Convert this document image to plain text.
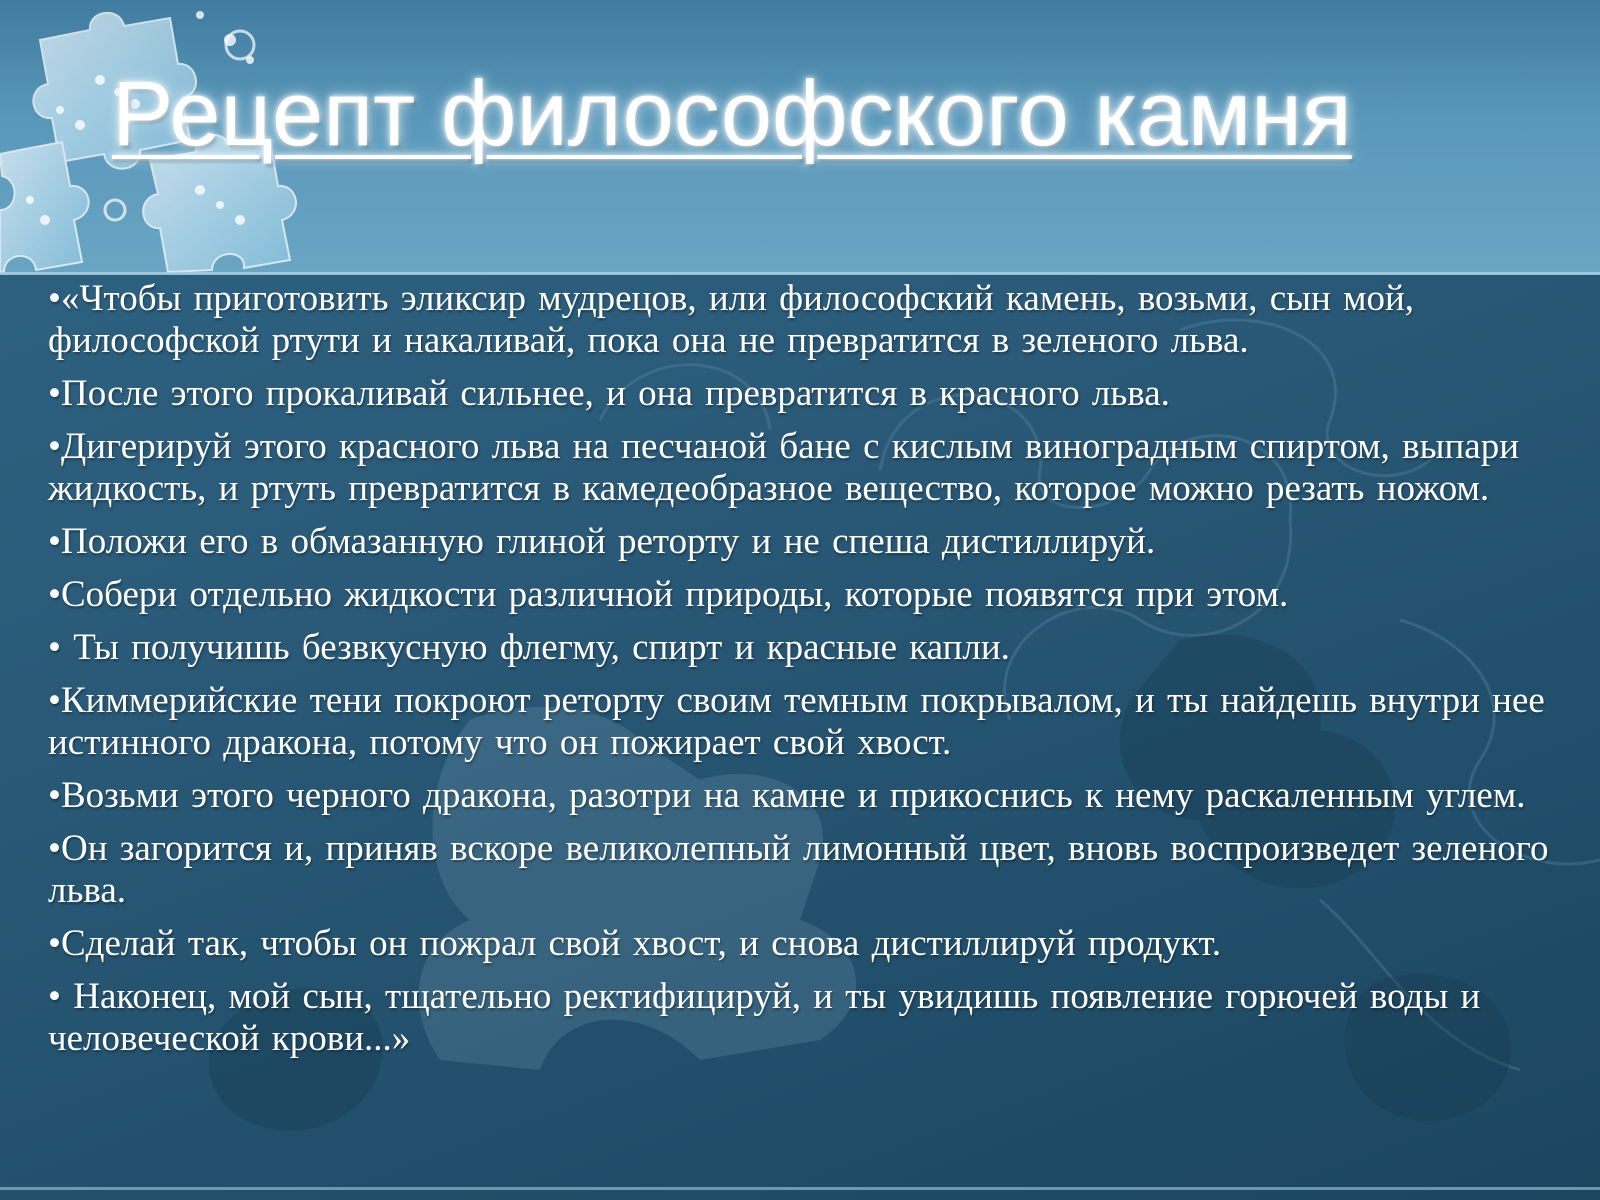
Рецепт философского камня
•«Чтобы приготовить эликсир мудрецов, или философский камень, возьми, сын мой, философской ртути и накаливай, пока она не превратится в зеленого льва.
•После этого прокаливай сильнее, и она превратится в красного льва.
•Дигерируй этого красного льва на песчаной бане с кислым виноградным спиртом, выпари жидкость, и ртуть превратится в камедеобразное вещество, которое можно резать ножом.
•Положи его в обмазанную глиной реторту и не спеша дистиллируй.
•Собери отдельно жидкости различной природы, которые появятся при этом.
• Ты получишь безвкусную флегму, спирт и красные капли.
•Киммерийские тени покроют реторту своим темным покрывалом, и ты найдешь внутри нее истинного дракона, потому что он пожирает свой хвост.
•Возьми этого черного дракона, разотри на камне и прикоснись к нему раскаленным углем.
•Он загорится и, приняв вскоре великолепный лимонный цвет, вновь воспроизведет зеленого льва.
•Сделай так, чтобы он пожрал свой хвост, и снова дистиллируй продукт.
• Наконец, мой сын, тщательно ректифицируй, и ты увидишь появление горючей воды и человеческой крови...»
